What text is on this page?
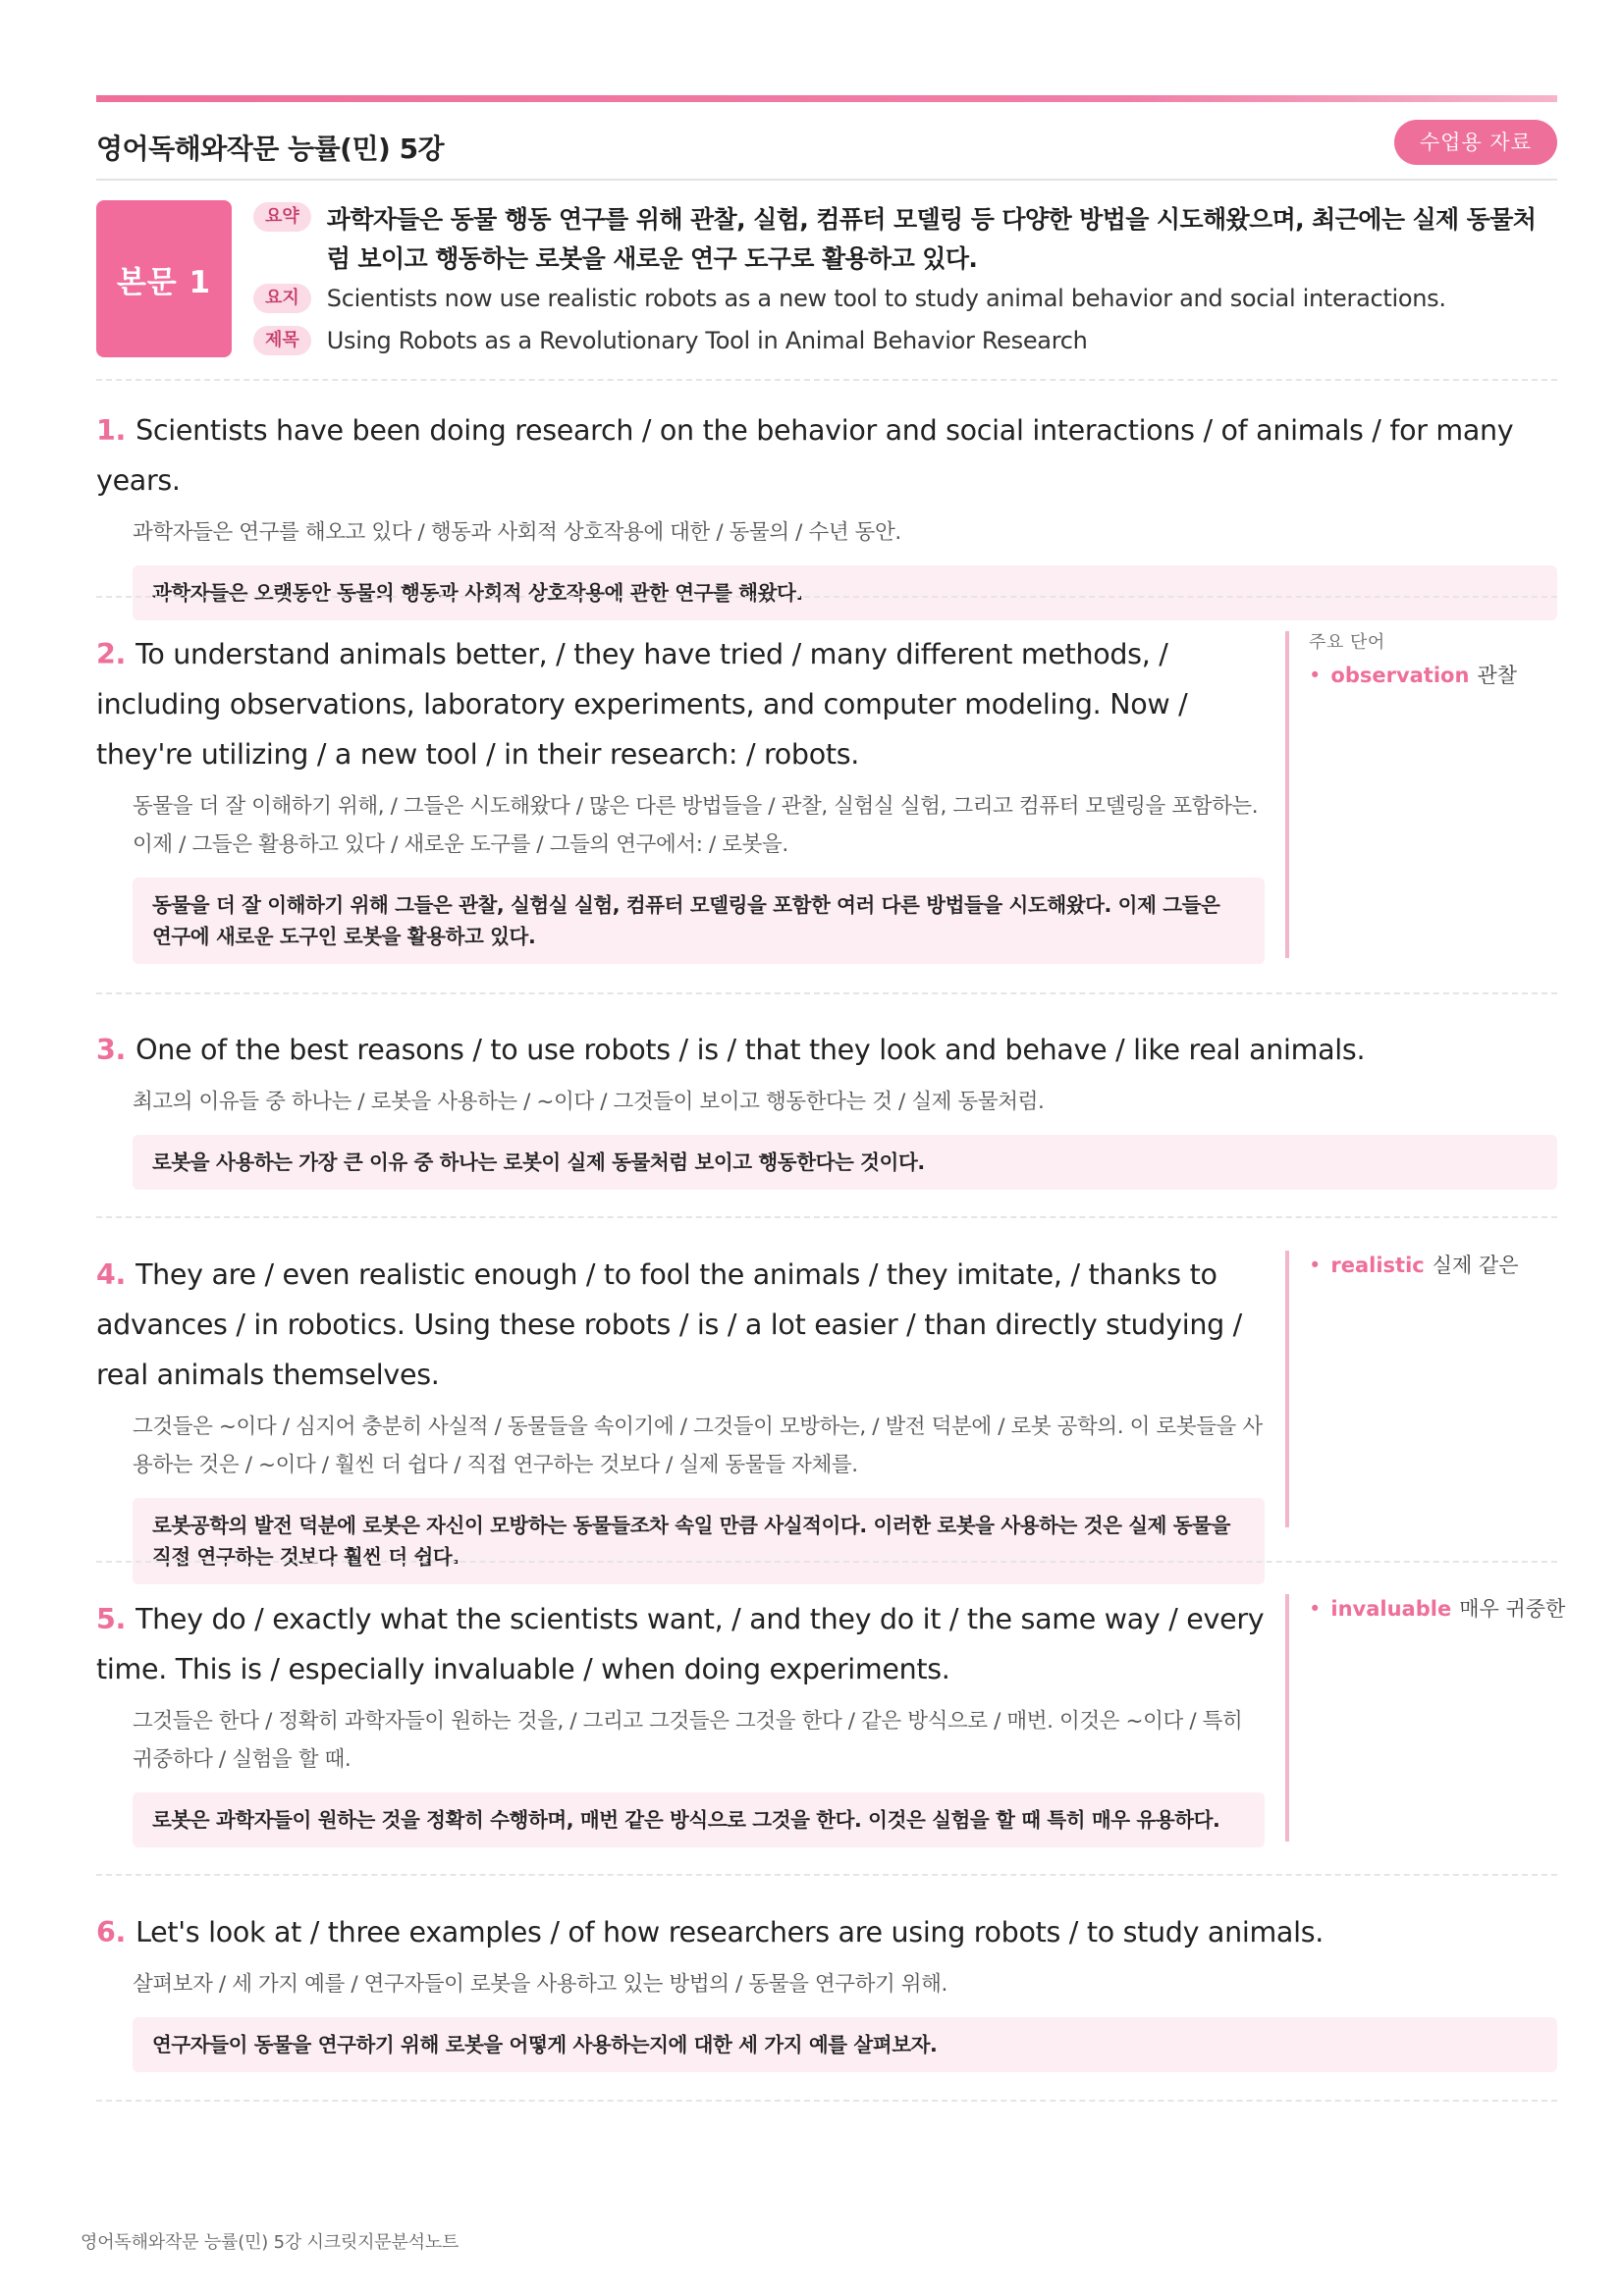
영어독해와작문 능률(민) 5강	수업용 자료
본문 1
요약	과학자들은 동물 행동 연구를 위해 관찰, 실험, 컴퓨터 모델링 등 다양한 방법을 시도해왔으며, 최근에는 실제 동물처럼 보이고 행동하는 로봇을 새로운 연구 도구로 활용하고 있다.
요지	Scientists now use realistic robots as a new tool to study animal behavior and social interactions.
제목	Using Robots as a Revolutionary Tool in Animal Behavior Research
1. Scientists have been doing research / on the behavior and social interactions / of animals / for many years.
과학자들은 연구를 해오고 있다 / 행동과 사회적 상호작용에 대한 / 동물의 / 수년 동안.
과학자들은 오랫동안 동물의 행동과 사회적 상호작용에 관한 연구를 해왔다.
2. To understand animals better, / they have tried / many different methods, / including observations, laboratory experiments, and computer modeling. Now / they're utilizing / a new tool / in their research: / robots.
동물을 더 잘 이해하기 위해, / 그들은 시도해왔다 / 많은 다른 방법들을 / 관찰, 실험실 실험, 그리고 컴퓨터 모델링을 포함하는. 이제 / 그들은 활용하고 있다 / 새로운 도구를 / 그들의 연구에서: / 로봇을.
동물을 더 잘 이해하기 위해 그들은 관찰, 실험실 실험, 컴퓨터 모델링을 포함한 여러 다른 방법들을 시도해왔다. 이제 그들은 연구에 새로운 도구인 로봇을 활용하고 있다.
주요 단어
• observation 관찰
3. One of the best reasons / to use robots / is / that they look and behave / like real animals.
최고의 이유들 중 하나는 / 로봇을 사용하는 / ~이다 / 그것들이 보이고 행동한다는 것 / 실제 동물처럼.
로봇을 사용하는 가장 큰 이유 중 하나는 로봇이 실제 동물처럼 보이고 행동한다는 것이다.
4. They are / even realistic enough / to fool the animals / they imitate, / thanks to advances / in robotics. Using these robots / is / a lot easier / than directly studying / real animals themselves.
그것들은 ~이다 / 심지어 충분히 사실적 / 동물들을 속이기에 / 그것들이 모방하는, / 발전 덕분에 / 로봇 공학의. 이 로봇들을 사용하는 것은 / ~이다 / 훨씬 더 쉽다 / 직접 연구하는 것보다 / 실제 동물들 자체를.
로봇공학의 발전 덕분에 로봇은 자신이 모방하는 동물들조차 속일 만큼 사실적이다. 이러한 로봇을 사용하는 것은 실제 동물을 직접 연구하는 것보다 훨씬 더 쉽다.
• realistic 실제 같은
5. They do / exactly what the scientists want, / and they do it / the same way / every time. This is / especially invaluable / when doing experiments.
그것들은 한다 / 정확히 과학자들이 원하는 것을, / 그리고 그것들은 그것을 한다 / 같은 방식으로 / 매번. 이것은 ~이다 / 특히 귀중하다 / 실험을 할 때.
로봇은 과학자들이 원하는 것을 정확히 수행하며, 매번 같은 방식으로 그것을 한다. 이것은 실험을 할 때 특히 매우 유용하다.
• invaluable 매우 귀중한
6. Let's look at / three examples / of how researchers are using robots / to study animals.
살펴보자 / 세 가지 예를 / 연구자들이 로봇을 사용하고 있는 방법의 / 동물을 연구하기 위해.
연구자들이 동물을 연구하기 위해 로봇을 어떻게 사용하는지에 대한 세 가지 예를 살펴보자.
영어독해와작문 능률(민) 5강 시크릿지문분석노트
